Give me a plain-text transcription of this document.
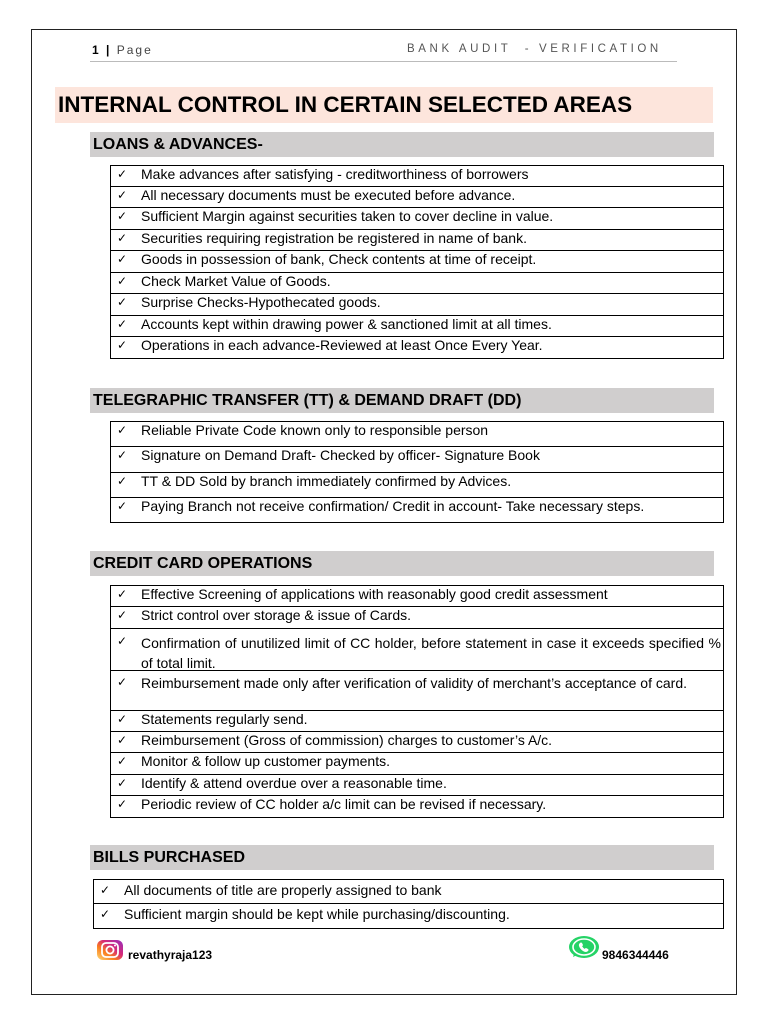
1 | Page	BANK AUDIT  - VERIFICATION
INTERNAL CONTROL IN CERTAIN SELECTED AREAS
LOANS & ADVANCES-
✓ Make advances after satisfying - creditworthiness of borrowers
✓ All necessary documents must be executed before advance.
✓ Sufficient Margin against securities taken to cover decline in value.
✓ Securities requiring registration be registered in name of bank.
✓ Goods in possession of bank, Check contents at time of receipt.
✓ Check Market Value of Goods.
✓ Surprise Checks-Hypothecated goods.
✓ Accounts kept within drawing power & sanctioned limit at all times.
✓ Operations in each advance-Reviewed at least Once Every Year.
TELEGRAPHIC TRANSFER (TT) & DEMAND DRAFT (DD)
✓ Reliable Private Code known only to responsible person
✓ Signature on Demand Draft- Checked by officer- Signature Book
✓ TT & DD Sold by branch immediately confirmed by Advices.
✓ Paying Branch not receive confirmation/ Credit in account- Take necessary steps.
CREDIT CARD OPERATIONS
✓ Effective Screening of applications with reasonably good credit assessment
✓ Strict control over storage & issue of Cards.
✓ Confirmation of unutilized limit of CC holder, before statement in case it exceeds specified % of total limit.
✓ Reimbursement made only after verification of validity of merchant’s acceptance of card.
✓ Statements regularly send.
✓ Reimbursement (Gross of commission) charges to customer’s A/c.
✓ Monitor & follow up customer payments.
✓ Identify & attend overdue over a reasonable time.
✓ Periodic review of CC holder a/c limit can be revised if necessary.
BILLS PURCHASED
✓ All documents of title are properly assigned to bank
✓ Sufficient margin should be kept while purchasing/discounting.
revathyraja123	9846344446
